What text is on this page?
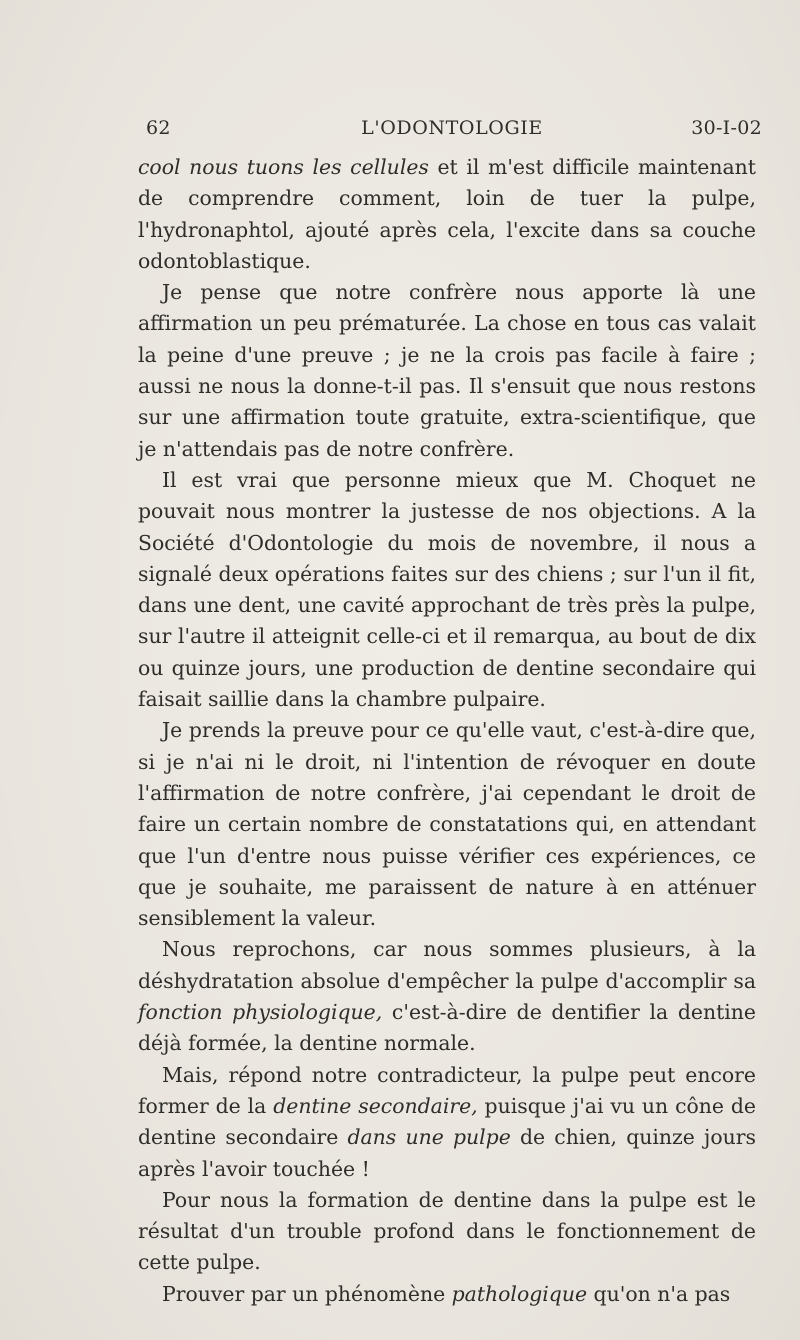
62	L'ODONTOLOGIE	30-I-02

cool nous tuons les cellules et il m'est difficile maintenant de comprendre comment, loin de tuer la pulpe, l'hydronaphtol, ajouté après cela, l'excite dans sa couche odontoblastique.

Je pense que notre confrère nous apporte là une affirmation un peu prématurée. La chose en tous cas valait la peine d'une preuve ; je ne la crois pas facile à faire ; aussi ne nous la donne-t-il pas. Il s'ensuit que nous restons sur une affirmation toute gratuite, extra-scientifique, que je n'attendais pas de notre confrère.

Il est vrai que personne mieux que M. Choquet ne pouvait nous montrer la justesse de nos objections. A la Société d'Odontologie du mois de novembre, il nous a signalé deux opérations faites sur des chiens ; sur l'un il fit, dans une dent, une cavité approchant de très près la pulpe, sur l'autre il atteignit celle-ci et il remarqua, au bout de dix ou quinze jours, une production de dentine secondaire qui faisait saillie dans la chambre pulpaire.

Je prends la preuve pour ce qu'elle vaut, c'est-à-dire que, si je n'ai ni le droit, ni l'intention de révoquer en doute l'affirmation de notre confrère, j'ai cependant le droit de faire un certain nombre de constatations qui, en attendant que l'un d'entre nous puisse vérifier ces expériences, ce que je souhaite, me paraissent de nature à en atténuer sensiblement la valeur.

Nous reprochons, car nous sommes plusieurs, à la déshydratation absolue d'empêcher la pulpe d'accomplir sa fonction physiologique, c'est-à-dire de dentifier la dentine déjà formée, la dentine normale.

Mais, répond notre contradicteur, la pulpe peut encore former de la dentine secondaire, puisque j'ai vu un cône de dentine secondaire dans une pulpe de chien, quinze jours après l'avoir touchée !

Pour nous la formation de dentine dans la pulpe est le résultat d'un trouble profond dans le fonctionnement de cette pulpe.

Prouver par un phénomène pathologique qu'on n'a pas
